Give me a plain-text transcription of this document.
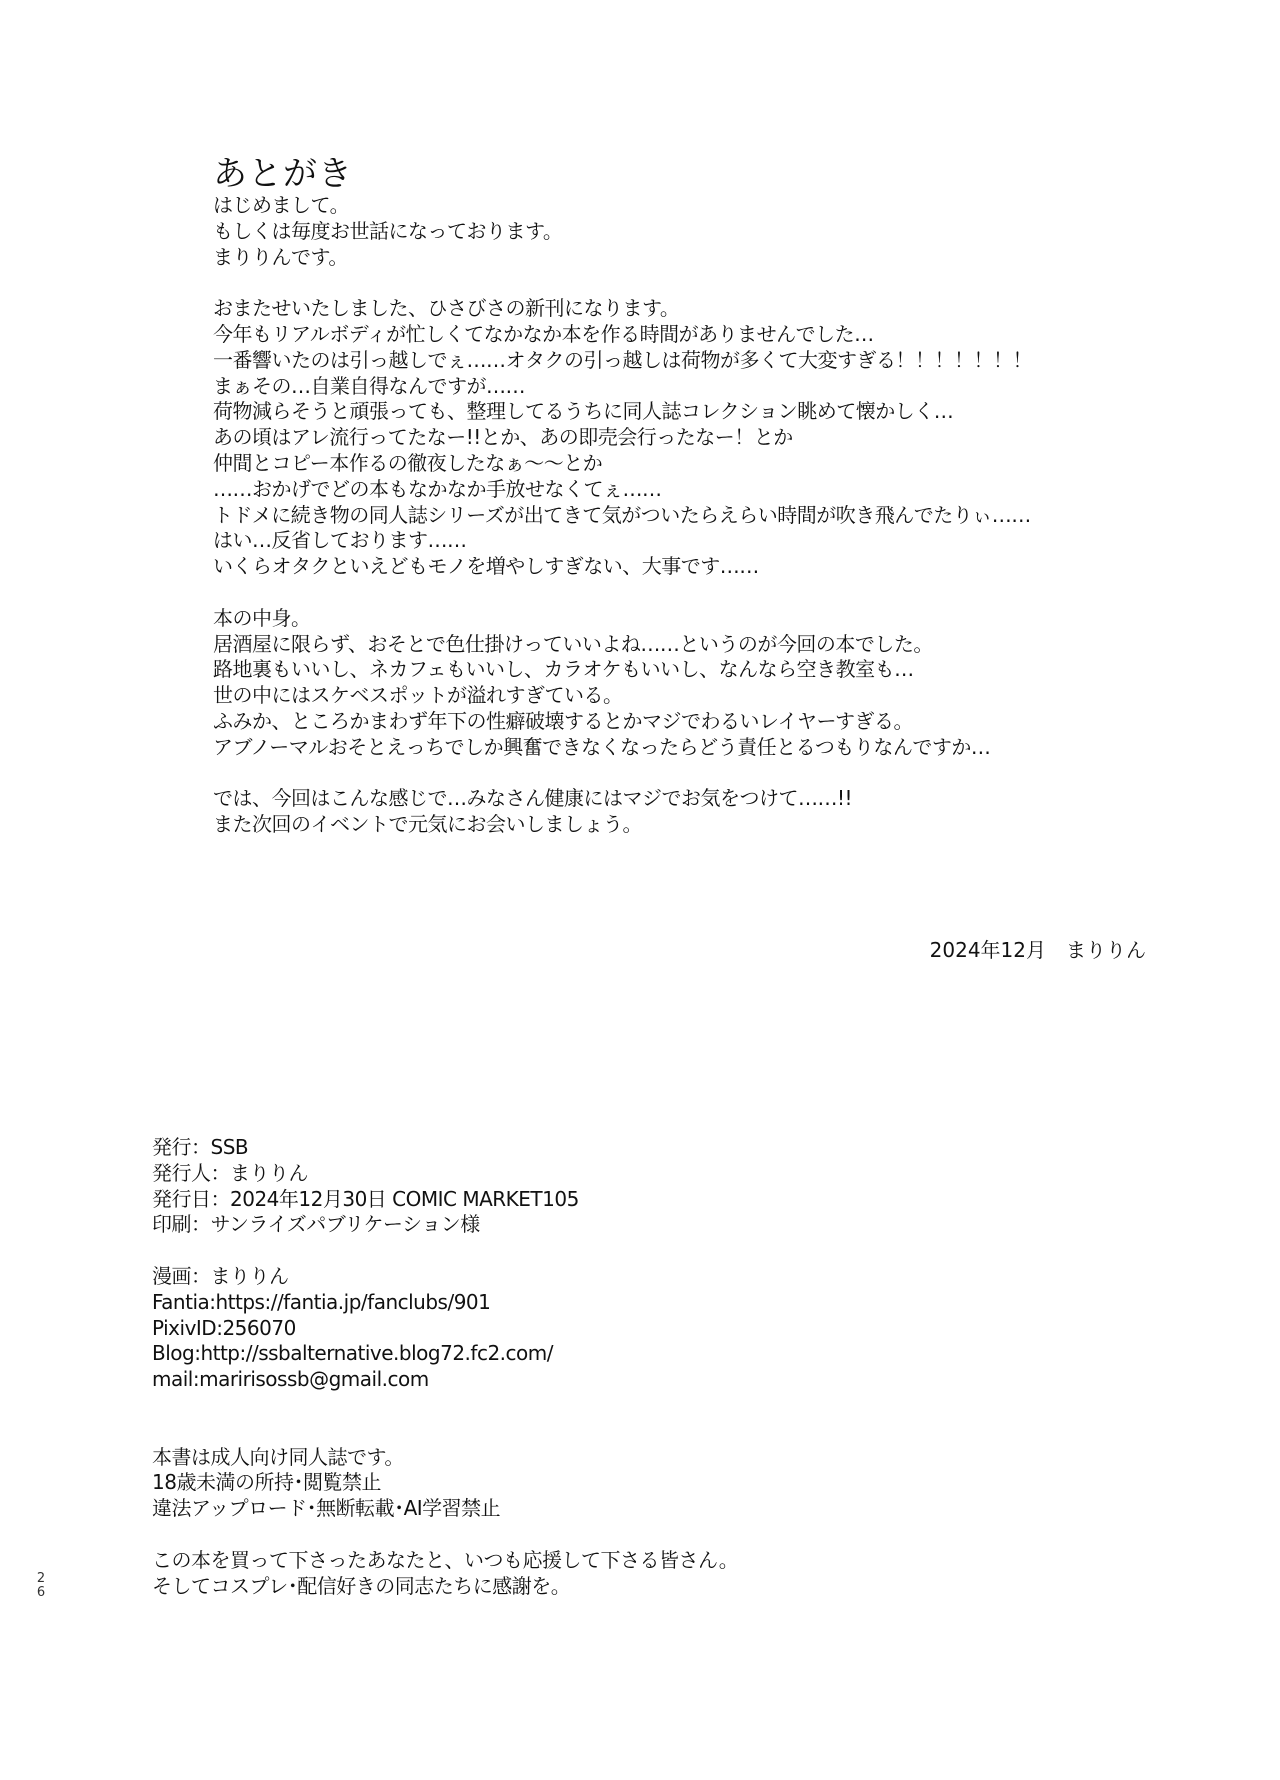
あとがき
はじめまして。
もしくは毎度お世話になっております。
まりりんです。
おまたせいたしました、ひさびさの新刊になります。
今年もリアルボディが忙しくてなかなか本を作る時間がありませんでした…
一番響いたのは引っ越しでぇ……オタクの引っ越しは荷物が多くて大変すぎる！！！！！！！
まぁその…自業自得なんですが……
荷物減らそうと頑張っても、整理してるうちに同人誌コレクション眺めて懐かしく…
あの頃はアレ流行ってたなー!!とか、あの即売会行ったなー！とか
仲間とコピー本作るの徹夜したなぁ～～とか
……おかげでどの本もなかなか手放せなくてぇ……
トドメに続き物の同人誌シリーズが出てきて気がついたらえらい時間が吹き飛んでたりぃ……
はい…反省しております……
いくらオタクといえどもモノを増やしすぎない、大事です……
本の中身。
居酒屋に限らず、おそとで色仕掛けっていいよね……というのが今回の本でした。
路地裏もいいし、ネカフェもいいし、カラオケもいいし、なんなら空き教室も…
世の中にはスケベスポットが溢れすぎている。
ふみか、ところかまわず年下の性癖破壊するとかマジでわるいレイヤーすぎる。
アブノーマルおそとえっちでしか興奮できなくなったらどう責任とるつもりなんですか…
では、今回はこんな感じで…みなさん健康にはマジでお気をつけて……!!
また次回のイベントで元気にお会いしましょう。
2024年12月　まりりん
発行：SSB
発行人：まりりん
発行日：2024年12月30日 COMIC MARKET105
印刷：サンライズパブリケーション様
漫画：まりりん
Fantia:https://fantia.jp/fanclubs/901
PixivID:256070
Blog:http://ssbalternative.blog72.fc2.com/
mail:maririsossb@gmail.com
本書は成人向け同人誌です。
18歳未満の所持･閲覧禁止
違法アップロード･無断転載･AI学習禁止
この本を買って下さったあなたと、いつも応援して下さる皆さん。
そしてコスプレ･配信好きの同志たちに感謝を。
2
6
